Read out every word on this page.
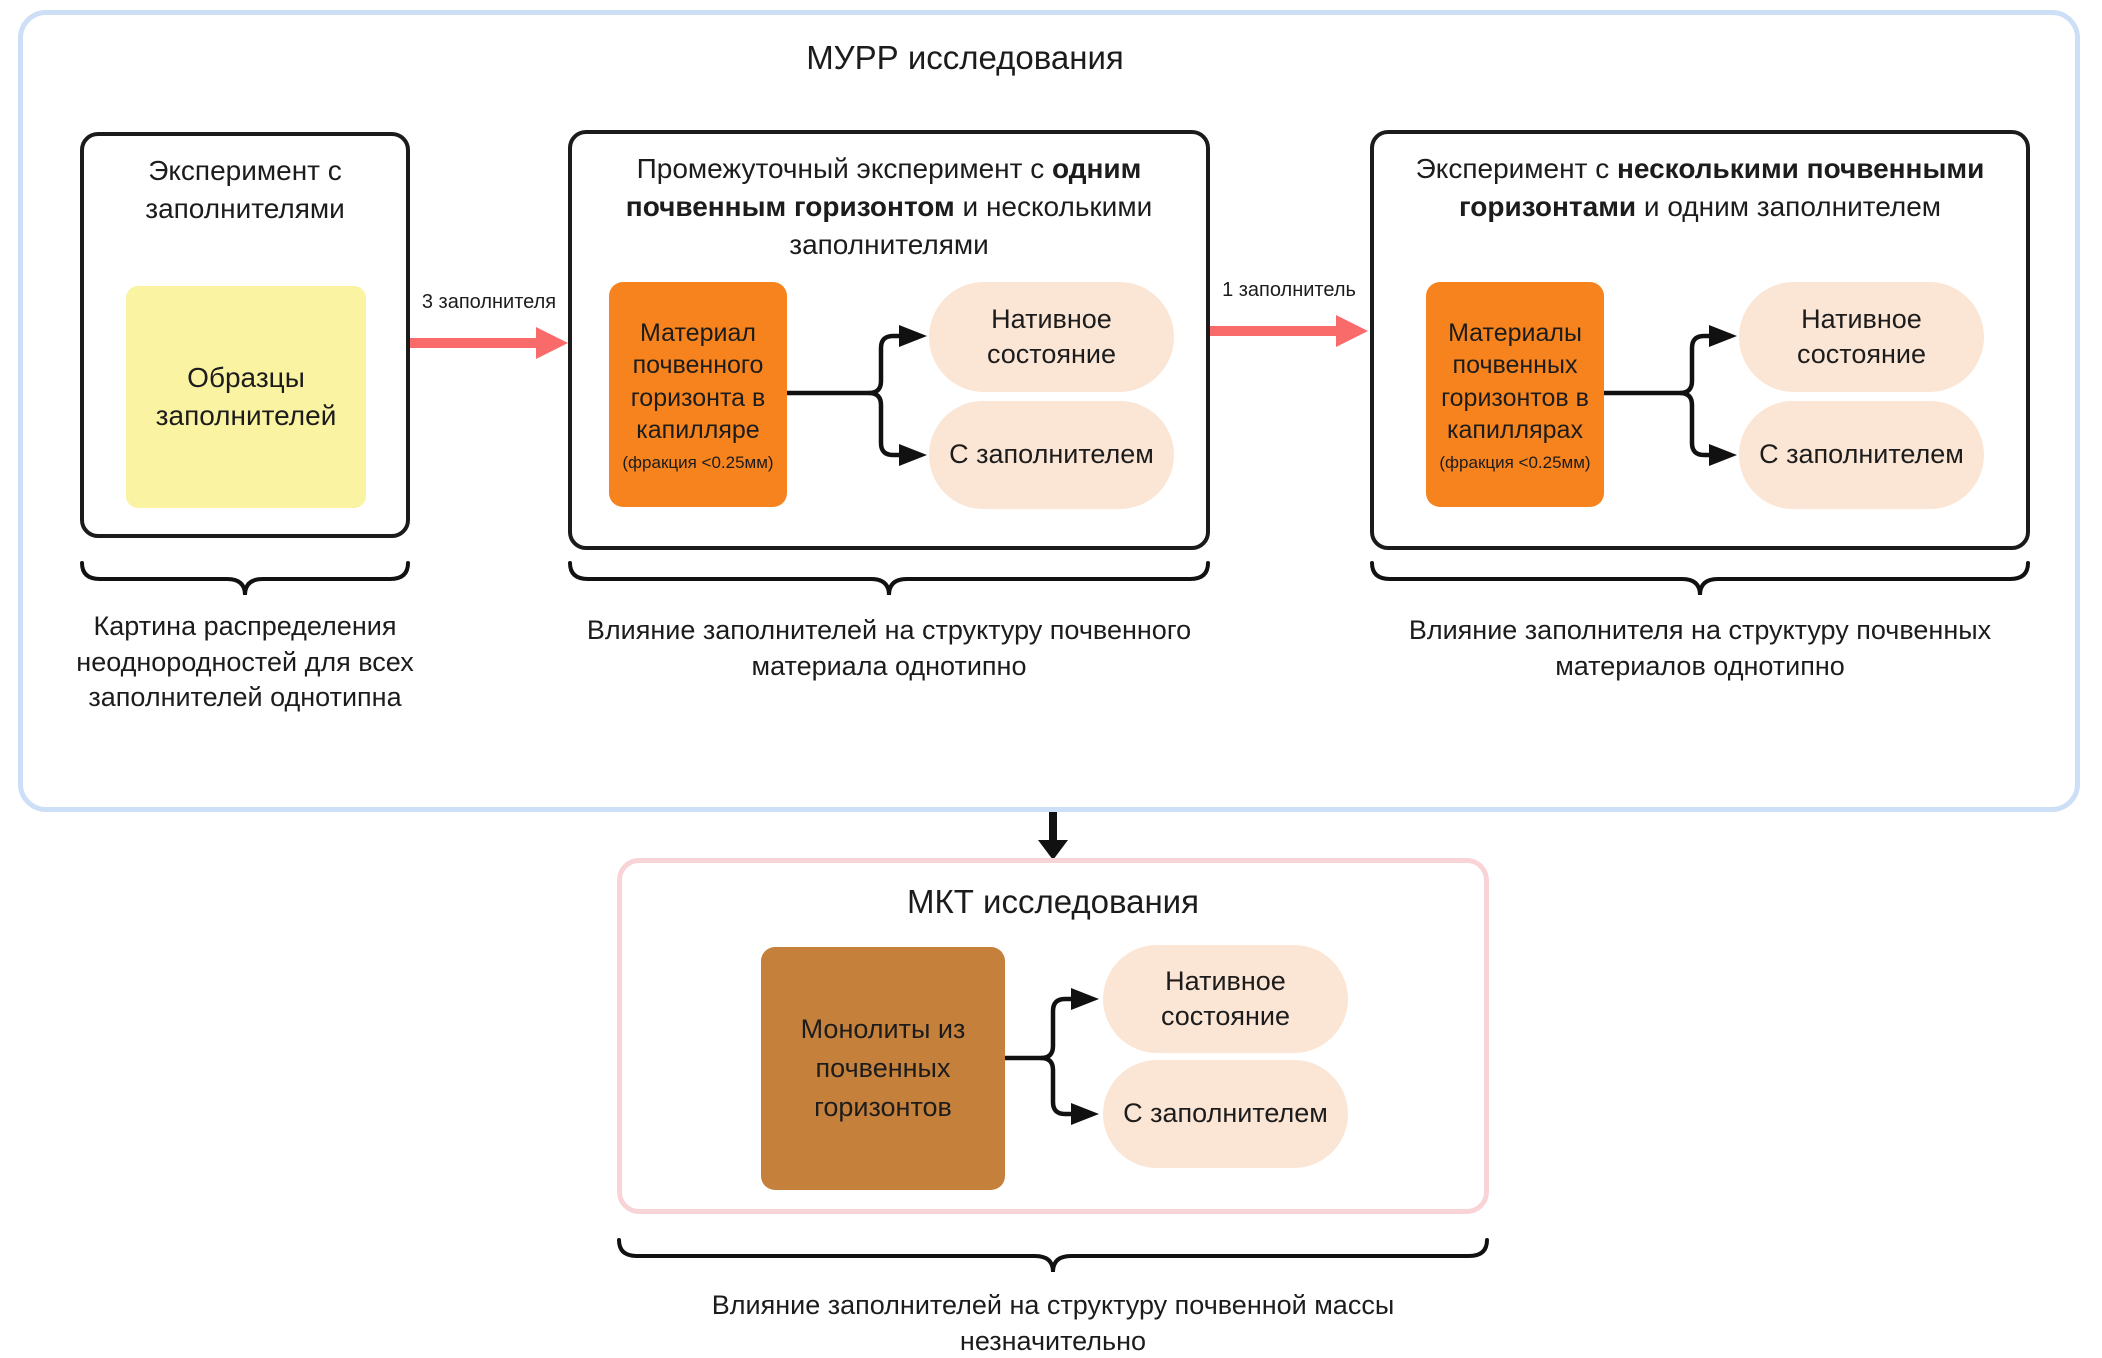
МУРР исследования
Эксперимент с заполнителями
Образцы заполнителей
3 заполнителя
Промежуточный эксперимент с одним почвенным горизонтом и несколькими заполнителями
Материал почвенного горизонта в капилляре
(фракция <0.25мм)
Нативное состояние
С заполнителем
1 заполнитель
Эксперимент с несколькими почвенными горизонтами и одним заполнителем
Материалы почвенных горизонтов в капиллярах
(фракция <0.25мм)
Нативное состояние
С заполнителем
Картина распределения неоднородностей для всех заполнителей однотипна
Влияние заполнителей на структуру почвенного материала однотипно
Влияние заполнителя на структуру почвенных материалов однотипно
МКТ исследования
Монолиты из почвенных горизонтов
Нативное состояние
С заполнителем
Влияние заполнителей на структуру почвенной массы незначительно
